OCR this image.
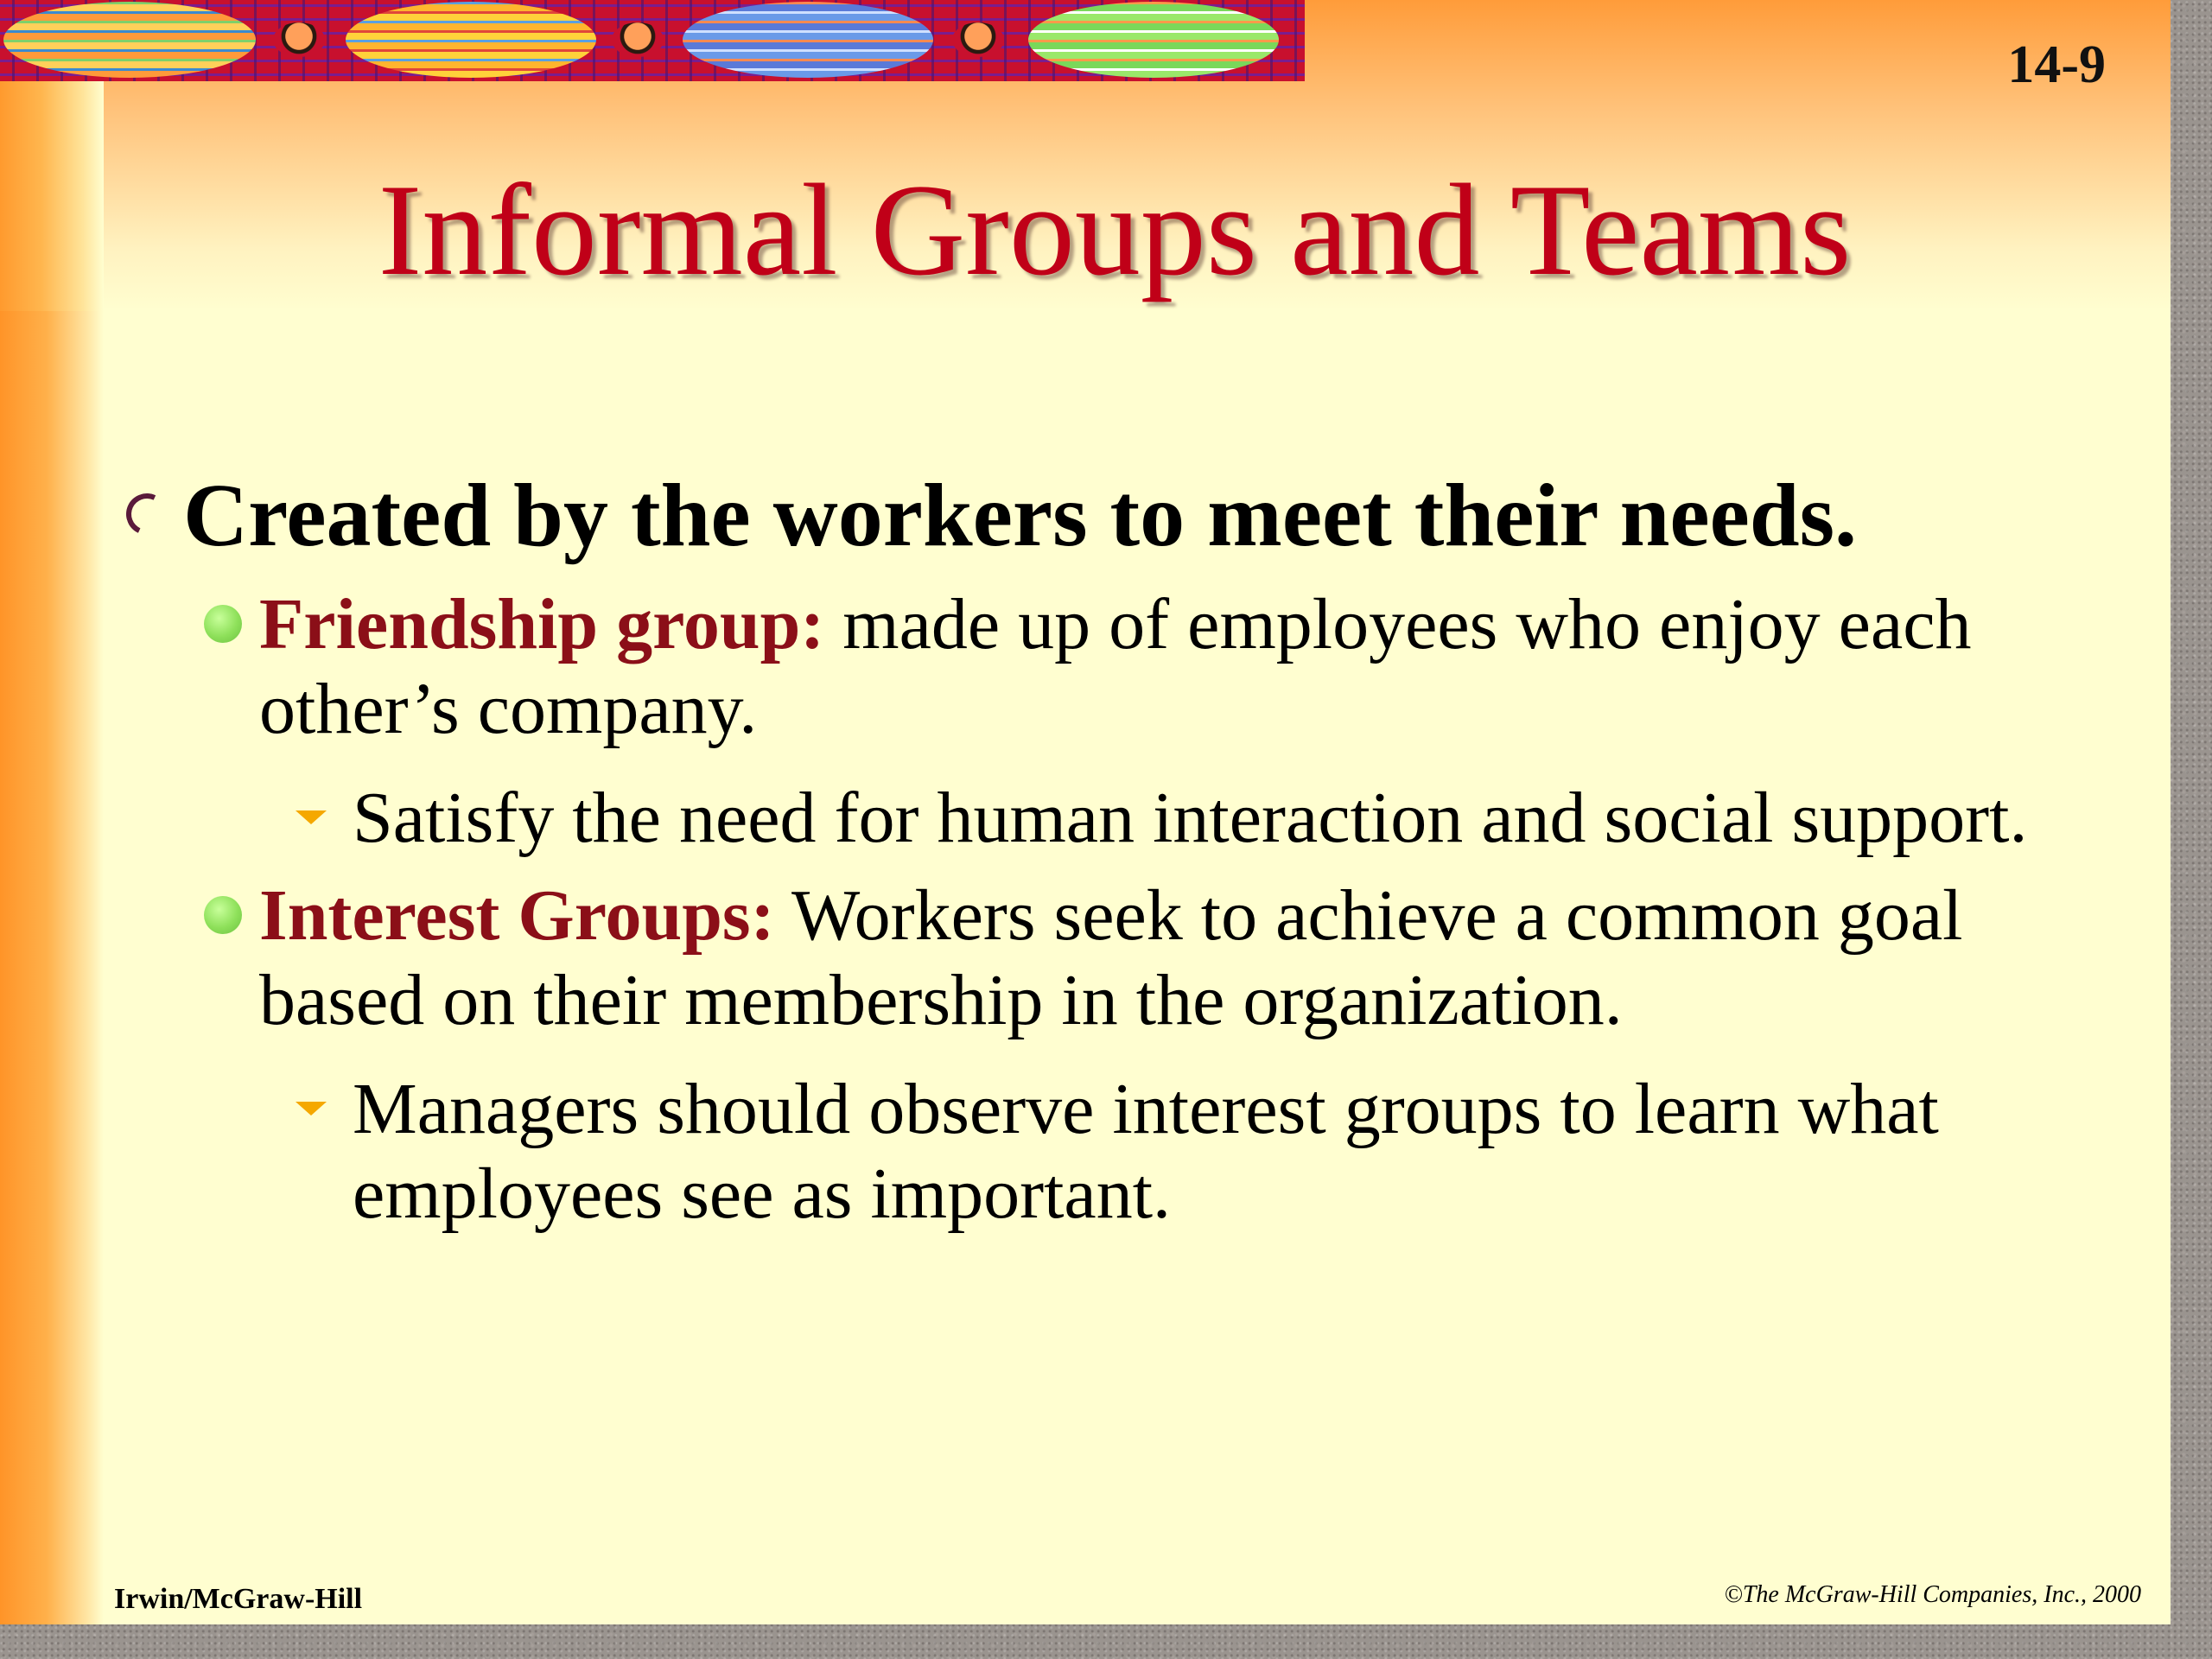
14-9
Informal Groups and Teams
Created by the workers to meet their needs.
Friendship group: made up of employees who enjoy each other’s company.
Satisfy the need for human interaction and social support.
Interest Groups: Workers seek to achieve a common goal based on their membership in the organization.
Managers should observe interest groups to learn what employees see as important.
Irwin/McGraw-Hill	©The McGraw-Hill Companies, Inc., 2000
